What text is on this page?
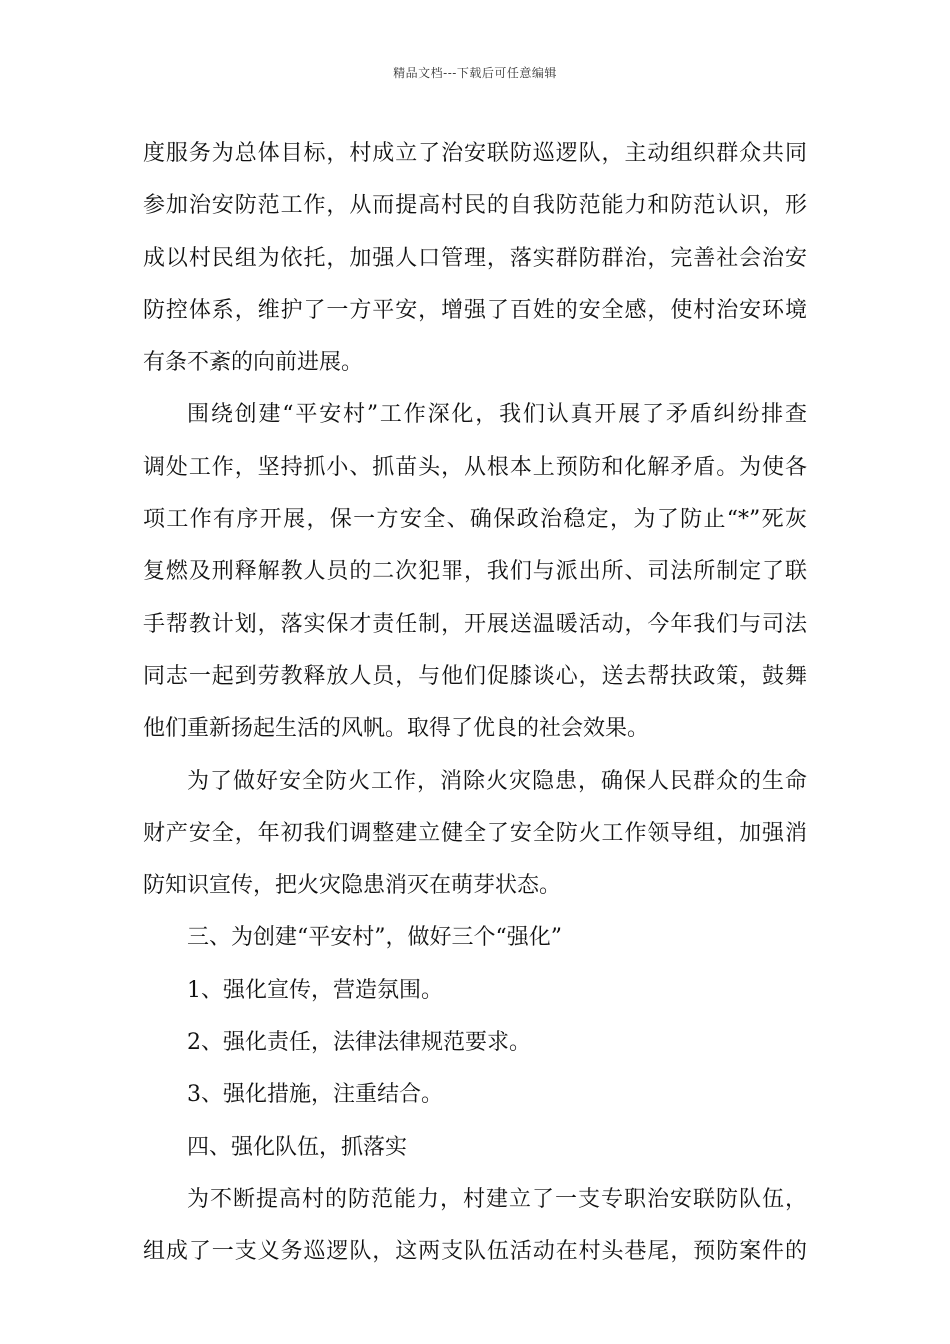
精品文档---下载后可任意编辑
度服务为总体目标，村成立了治安联防巡逻队，主动组织群众共同
参加治安防范工作，从而提高村民的自我防范能力和防范认识，形
成以村民组为依托，加强人口管理，落实群防群治，完善社会治安
防控体系，维护了一方平安，增强了百姓的安全感，使村治安环境
有条不紊的向前进展。
围绕创建“平安村”工作深化，我们认真开展了矛盾纠纷排查
调处工作，坚持抓小、抓苗头，从根本上预防和化解矛盾。为使各
项工作有序开展，保一方安全、确保政治稳定，为了防止“*”死灰
复燃及刑释解教人员的二次犯罪，我们与派出所、司法所制定了联
手帮教计划，落实保才责任制，开展送温暖活动，今年我们与司法
同志一起到劳教释放人员，与他们促膝谈心，送去帮扶政策，鼓舞
他们重新扬起生活的风帆。取得了优良的社会效果。
为了做好安全防火工作，消除火灾隐患，确保人民群众的生命
财产安全，年初我们调整建立健全了安全防火工作领导组，加强消
防知识宣传，把火灾隐患消灭在萌芽状态。
三、为创建“平安村”，做好三个“强化”
1、强化宣传，营造氛围。
2、强化责任，法律法律规范要求。
3、强化措施，注重结合。
四、强化队伍，抓落实
为不断提高村的防范能力，村建立了一支专职治安联防队伍，
组成了一支义务巡逻队，这两支队伍活动在村头巷尾，预防案件的
